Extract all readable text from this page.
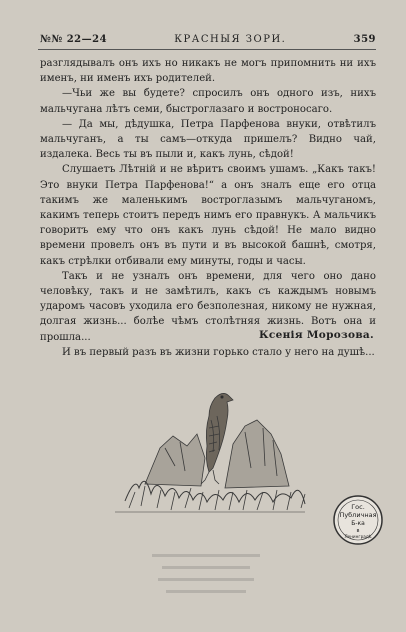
№№ 22—24	КРАСНЫЯ ЗОРИ.	359

разглядывалъ онъ ихъ но никакъ не могъ припомнить ни ихъ именъ, ни именъ ихъ родителей.

—Чьи же вы будете? спросилъ онъ одного изъ, нихъ мальчугана лѣтъ семи, быстроглазаго и востроносаго.

— Да мы, дѣдушка, Петра Парфенова внуки, отвѣтилъ мальчуганъ, а ты самъ—откуда пришелъ? Видно чай, издалека. Весь ты въ пыли и, какъ лунь, сѣдой!

Слушаетъ Лѣтній и не вѣритъ своимъ ушамъ. „Какъ такъ! Это внуки Петра Парфенова!“ а онъ зналъ еще его отца такимъ же маленькимъ востроглазымъ мальчуганомъ, какимъ теперь стоитъ передъ нимъ его правнукъ. А мальчикъ говоритъ ему что онъ какъ лунь сѣдой! Не мало видно времени провелъ онъ въ пути и въ высокой башнѣ, смотря, какъ стрѣлки отбивали ему минуты, годы и часы.

Такъ и не узналъ онъ времени, для чего оно дано человѣку, такъ и не замѣтилъ, какъ съ каждымъ новымъ ударомъ часовъ уходила его безполезная, никому не нужная, долгая жизнь... болѣе чѣмъ столѣтняя жизнь. Вотъ она и прошла...

И въ первый разъ въ жизни горько стало у него на душѣ...

Ксенія Морозова.
Гос.
Публичная
Б-ка
в
Ленинградѣ
